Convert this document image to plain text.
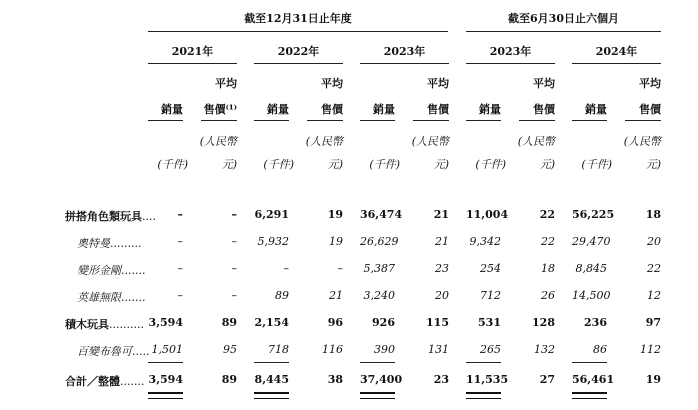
截至12月31日止年度	截至6月30日止六個月
2021年
平均
銷量	售價⁽¹⁾
(人民幣
(千件)	元)
2022年
平均
銷量	售價
(人民幣
(千件)	元)
2023年
平均
銷量	售價
(人民幣
(千件)	元)
2023年
平均
銷量	售價
(人民幣
(千件)	元)
2024年
平均
銷量	售價
(人民幣
(千件)	元)
拼搭角色類玩具....	–	– 6,291	19 36,474	21 11,004	22 56,225	18
奧特曼.........	–	–	5,932	19 26,629	21	9,342	22 29,470	20
變形金剛.......	–	–	–	–	5,387	23	254	18	8,845	22
英雄無限.......	–	–	89	21	3,240	20	712	26 14,500	12
積木玩具.......... 3,594	89 2,154	96	926	115	531	128	236	97
百變布魯可..... 1,501	95	718	116	390	131	265	132	86	112
合計／整體....... 3,594	89 8,445	38 37,400	23 11,535	27 56,461	19
